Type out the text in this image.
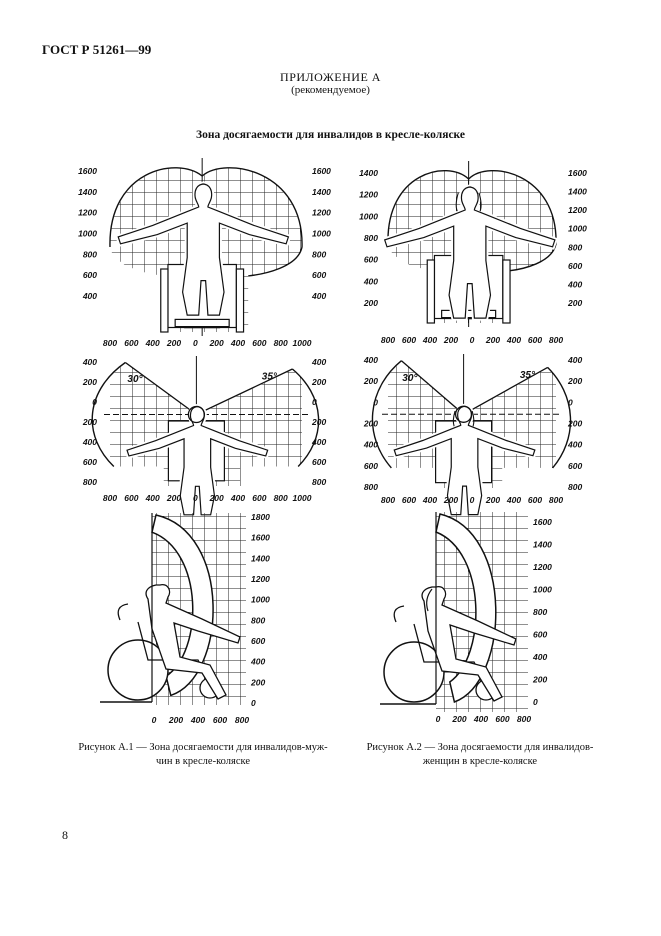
ГОСТ Р 51261—99
ПРИЛОЖЕНИЕ А
(рекомендуемое)
Зона досягаемости для инвалидов в кресле-коляске
1600
1400
1200
1000
800
600
400
1600
1400
1200
1000
800
600
400
800 600 400 200 0 200 400 600 800 1000
30°	35°
400
200
0
200
400
600
800
400
200
0
200
400
600
800
800 600 400 200 0 200 400 600 800 1000
1800
1600
1400
1200
1000
800
600
400
200
0
0 200 400 600 800
1400
1200
1000
800
600
400
200
1600
1400
1200
1000
800
600
400
200
800 600 400 200 0 200 400 600 800
30°	35°
400
200
0
200
400
600
800
400
200
0
200
400
600
800
800 600 400 200 0 200 400 600 800
1600
1400
1200
1000
800
600
400
200
0
0 200 400 600 800
Рисунок А.1 — Зона досягаемости для инвалидов-муж-
чин в кресле-коляске
Рисунок А.2 — Зона досягаемости для инвалидов-
женщин в кресле-коляске
8
